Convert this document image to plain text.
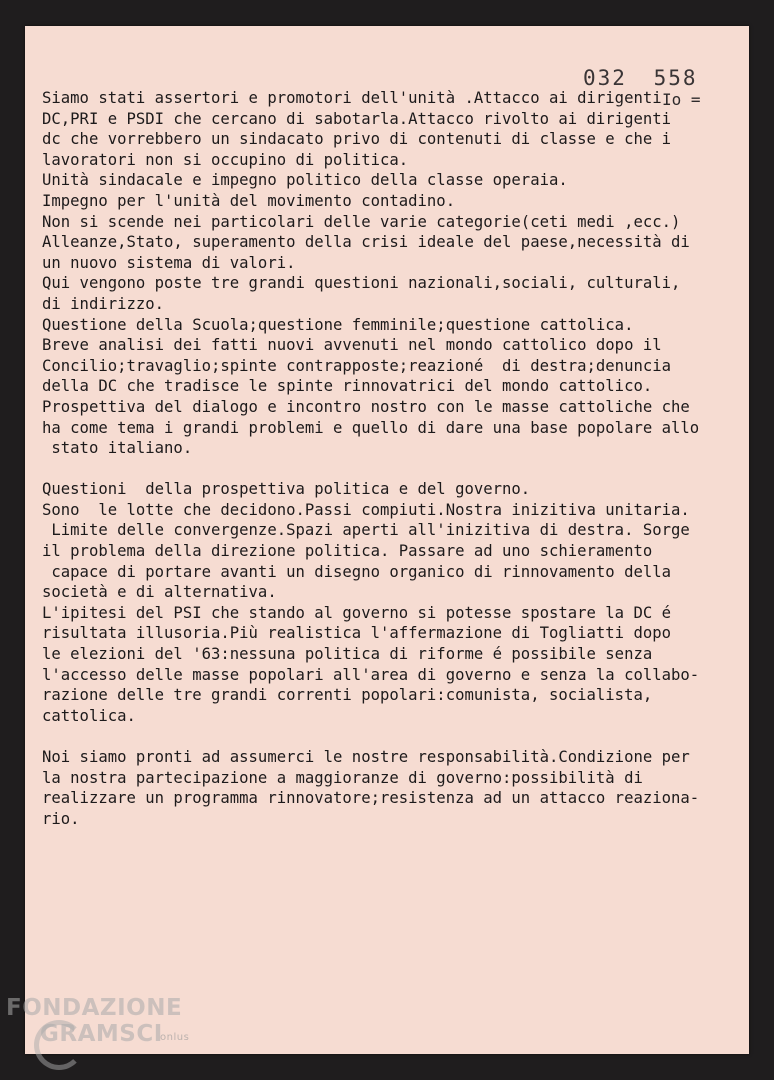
032 558
Io =
Siamo stati assertori e promotori dell'unità .Attacco ai dirigenti
DC,PRI e PSDI che cercano di sabotarla.Attacco rivolto ai dirigenti
dc che vorrebbero un sindacato privo di contenuti di classe e che i
lavoratori non si occupino di politica.
Unità sindacale e impegno politico della classe operaia.
Impegno per l'unità del movimento contadino.
Non si scende nei particolari delle varie categorie(ceti medi ,ecc.)
Alleanze,Stato, superamento della crisi ideale del paese,necessità di
un nuovo sistema di valori.
Qui vengono poste tre grandi questioni nazionali,sociali, culturali,
di indirizzo.
Questione della Scuola;questione femminile;questione cattolica.
Breve analisi dei fatti nuovi avvenuti nel mondo cattolico dopo il
Concilio;travaglio;spinte contrapposte;reazioné  di destra;denuncia
della DC che tradisce le spinte rinnovatrici del mondo cattolico.
Prospettiva del dialogo e incontro nostro con le masse cattoliche che
ha come tema i grandi problemi e quello di dare una base popolare allo
stato italiano.
Questioni  della prospettiva politica e del governo.
Sono  le lotte che decidono.Passi compiuti.Nostra inizitiva unitaria.
Limite delle convergenze.Spazi aperti all'inizitiva di destra. Sorge
il problema della direzione politica. Passare ad uno schieramento
capace di portare avanti un disegno organico di rinnovamento della
società e di alternativa.
L'ipitesi del PSI che stando al governo si potesse spostare la DC é
risultata illusoria.Più realistica l'affermazione di Togliatti dopo
le elezioni del '63:nessuna politica di riforme é possibile senza
l'accesso delle masse popolari all'area di governo e senza la collabo-
razione delle tre grandi correnti popolari:comunista, socialista,
cattolica.
Noi siamo pronti ad assumerci le nostre responsabilità.Condizione per
la nostra partecipazione a maggioranze di governo:possibilità di
realizzare un programma rinnovatore;resistenza ad un attacco reaziona-
rio.
FONDAZIONE
GRAMSCI
onlus
